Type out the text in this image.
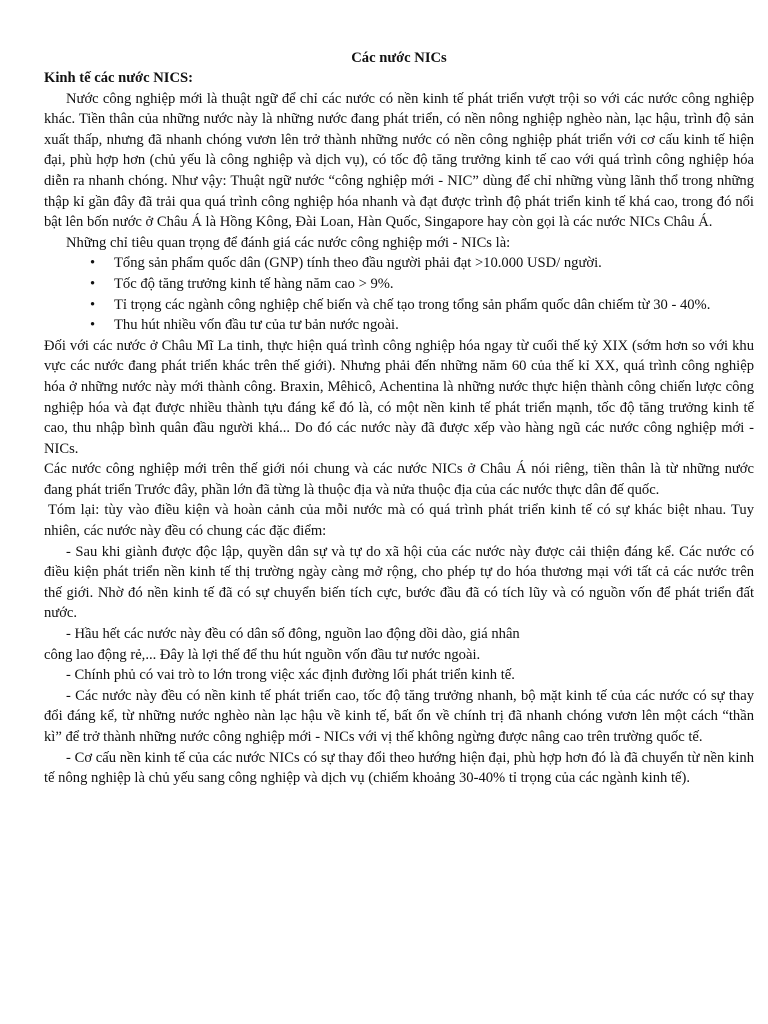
Các nước NICs

Kinh tế các nước NICS:

Nước công nghiệp mới là thuật ngữ để chỉ các nước có nền kinh tế phát triển vượt trội so với các nước công nghiệp khác. Tiền thân của những nước này là những nước đang phát triển, có nền nông nghiệp nghèo nàn, lạc hậu, trình độ sản xuất thấp, nhưng đã nhanh chóng vươn lên trở thành những nước có nền công nghiệp phát triển với cơ cấu kinh tế hiện đại, phù hợp hơn (chủ yếu là công nghiệp và dịch vụ), có tốc độ tăng trưởng kinh tế cao với quá trình công nghiệp hóa diễn ra nhanh chóng. Như vậy: Thuật ngữ nước “công nghiệp mới - NIC” dùng để chỉ những vùng lãnh thổ trong những thập kỉ gần đây đã trải qua quá trình công nghiệp hóa nhanh và đạt được trình độ phát triển kinh tế khá cao, trong đó nổi bật lên bốn nước ở Châu Á là Hồng Kông, Đài Loan, Hàn Quốc, Singapore hay còn gọi là các nước NICs Châu Á.

Những chỉ tiêu quan trọng để đánh giá các nước công nghiệp mới - NICs là:

• Tổng sản phẩm quốc dân (GNP) tính theo đầu người phải đạt >10.000 USD/ người.
• Tốc độ tăng trưởng kinh tế hàng năm cao > 9%.
• Tỉ trọng các ngành công nghiệp chế biến và chế tạo trong tổng sản phẩm quốc dân chiếm từ 30 - 40%.
• Thu hút nhiều vốn đầu tư của tư bản nước ngoài.

Đối với các nước ở Châu Mĩ La tinh, thực hiện quá trình công nghiệp hóa ngay từ cuối thế kỷ XIX (sớm hơn so với khu vực các nước đang phát triển khác trên thế giới). Nhưng phải đến những năm 60 của thế kỉ XX, quá trình công nghiệp hóa ở những nước này mới thành công. Braxin, Mêhicô, Achentina là những nước thực hiện thành công chiến lược công nghiệp hóa và đạt được nhiều thành tựu đáng kể đó là, có một nền kinh tế phát triển mạnh, tốc độ tăng trưởng kinh tế cao, thu nhập bình quân đầu người khá... Do đó các nước này đã được xếp vào hàng ngũ các nước công nghiệp mới - NICs.

Các nước công nghiệp mới trên thế giới nói chung và các nước NICs ở Châu Á nói riêng, tiền thân là từ những nước đang phát triển Trước đây, phần lớn đã từng là thuộc địa và nửa thuộc địa của các nước thực dân đế quốc.

Tóm lại: tùy vào điều kiện và hoàn cảnh của mỗi nước mà có quá trình phát triển kinh tế có sự khác biệt nhau. Tuy nhiên, các nước này đều có chung các đặc điểm:

- Sau khi giành được độc lập, quyền dân sự và tự do xã hội của các nước này được cải thiện đáng kể. Các nước có điều kiện phát triển nền kinh tế thị trường ngày càng mở rộng, cho phép tự do hóa thương mại với tất cả các nước trên thế giới. Nhờ đó nền kinh tế đã có sự chuyển biến tích cực, bước đầu đã có tích lũy và có nguồn vốn để phát triển đất nước.

- Hầu hết các nước này đều có dân số đông, nguồn lao động dồi dào, giá nhân

công lao động rẻ,... Đây là lợi thế để thu hút nguồn vốn đầu tư nước ngoài.

- Chính phủ có vai trò to lớn trong việc xác định đường lối phát triển kinh tế.

- Các nước này đều có nền kinh tế phát triển cao, tốc độ tăng trưởng nhanh, bộ mặt kinh tế của các nước có sự thay đổi đáng kể, từ những nước nghèo nàn lạc hậu về kinh tế, bất ổn về chính trị đã nhanh chóng vươn lên một cách “thần kì” để trở thành những nước công nghiệp mới - NICs với vị thế không ngừng được nâng cao trên trường quốc tế.

- Cơ cấu nền kinh tế của các nước NICs có sự thay đổi theo hướng hiện đại, phù hợp hơn đó là đã chuyển từ nền kinh tế nông nghiệp là chủ yếu sang công nghiệp và dịch vụ (chiếm khoảng 30-40% tỉ trọng của các ngành kinh tế).
